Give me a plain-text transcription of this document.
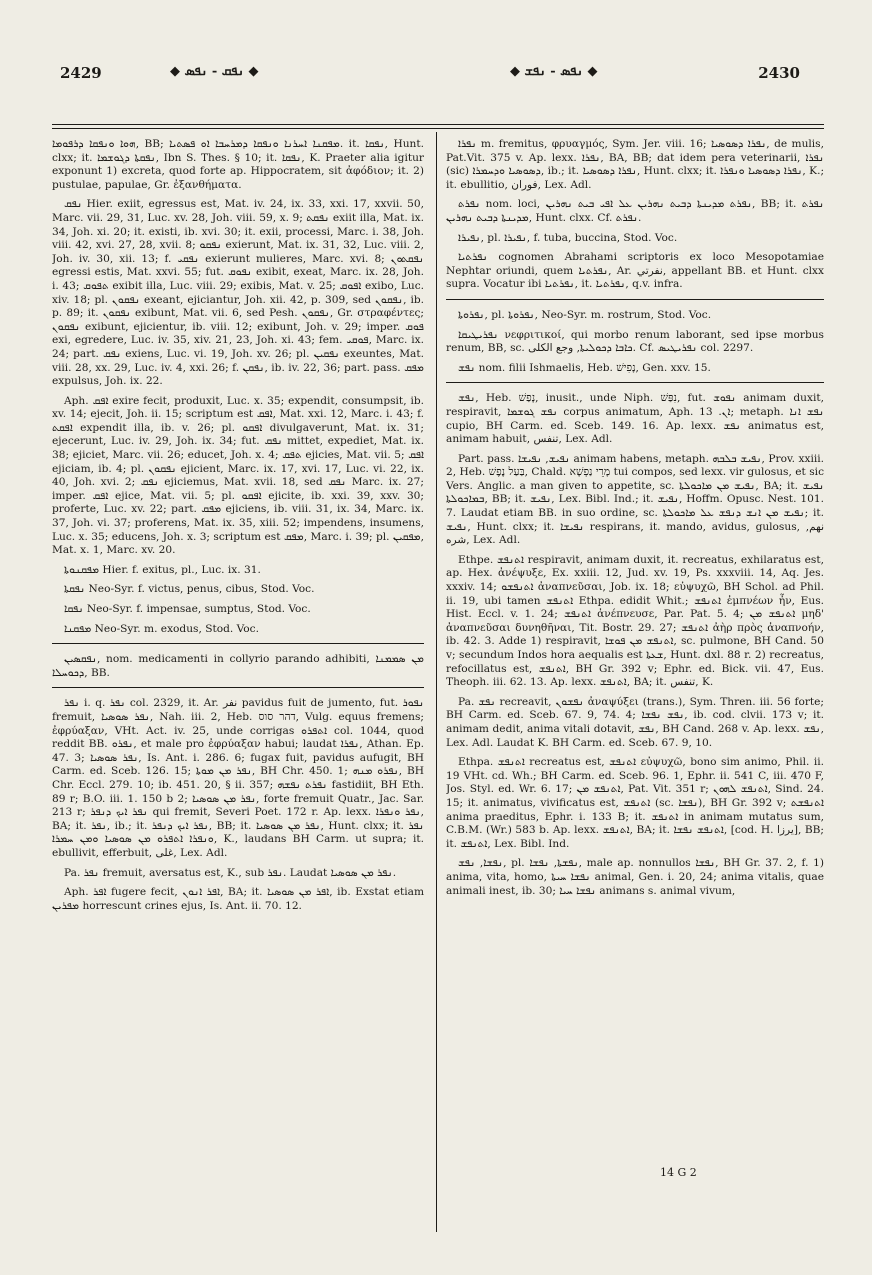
2429	◆ ܢܦܩ - ܢܦܣ ◆	◆ ܢܦܣ - ܢܦܫ ◆	2430

ܗܘܐ ܘܢܦܩܐ ܕܪܦܘܡܐ, BB; ܡܦܩܢܐ ܐܚܪܢܐ ܘܢܦܩܐ ܕܡܪܚܒܐ ܐܘ ܦܣܬܝܐ. it. ܢܦܩܐ, Hunt. clxx; it. ܢܦܩܬܐ ܕܓܘܫܡܐ, Ibn S. Thes. § 10; it. ܢܦܩܐ, K. Praeter alia igitur exponunt 1) excreta, quod forte ap. Hippocratem, sit ἀφόδιον; it. 2) pustulae, papulae, Gr. ἐξανθήματα.

ܢܦܩ Hier. exiit, egressus est, Mat. iv. 24, ix. 33, xxi. 17, xxvii. 50, Marc. vii. 29, 31, Luc. xv. 28, Joh. viii. 59, x. 9; ܢܦܩܬ exiit illa, Mat. ix. 34, Joh. xi. 20; it. existi, ib. xvi. 30; it. exii, processi, Marc. i. 38, Joh. viii. 42, xvi. 27, 28, xvii. 8; ܢܦܩܘ exierunt, Mat. ix. 31, 32, Luc. viii. 2, Joh. iv. 30, xii. 13; f. ܢܦܩܝ exierunt mulieres, Marc. xvi. 8; ܢܦܩܬܘܢ egressi estis, Mat. xxvi. 55; fut. ܢܦܘܩ exibit, exeat, Marc. ix. 28, Joh. i. 43; ܬܦܘܩ exibit illa, Luc. viii. 29; exibis, Mat. v. 25; ܐܦܘܩ exibo, Luc. xiv. 18; pl. ܢܦܩܘܢ exeant, ejiciantur, Joh. xii. 42, p. 309, sed ܢܦܩܘܢ, ib. p. 89; it. ܢܦܩܘܢ exibunt, Mat. vii. 6, sed Pesh. ܢܦܩܘܢ, Gr. στραφέντες; ܢܦܩܘܢ exibunt, ejicientur, ib. viii. 12; exibunt, Joh. v. 29; imper. ܦܘܩ exi, egredere, Luc. iv. 35, xiv. 21, 23, Joh. xi. 43; fem. ܦܘܩܝ, Marc. ix. 24; part. ܢܦܩ exiens, Luc. vi. 19, Joh. xv. 26; pl. ܢܦܩܝܢ exeuntes, Mat. viii. 28, xx. 29, Luc. iv. 4, xxi. 26; f. ܢܦܩܢ, ib. iv. 22, 36; part. pass. ܡܦܩ expulsus, Joh. ix. 22.

Aph. ܐܦܩ exire fecit, produxit, Luc. x. 35; expendit, consumpsit, ib. xv. 14; ejecit, Joh. ii. 15; scriptum est ܐܦܩ, Mat. xxi. 12, Marc. i. 43; f. ܐܦܩܬ expendit illa, ib. v. 26; pl. ܐܦܩܘ divulgaverunt, Mat. ix. 31; ejecerunt, Luc. iv. 29, Joh. ix. 34; fut. ܢܦܩ mittet, expediet, Mat. ix. 38; ejiciet, Marc. vii. 26; educet, Joh. x. 4; ܬܦܩ ejicies, Mat. vii. 5; ܐܦܩ ejiciam, ib. 4; pl. ܢܦܩܘܢ ejicient, Marc. ix. 17, xvi. 17, Luc. vi. 22, ix. 40, Joh. xvi. 2; ܢܦܩ ejiciemus, Mat. xvii. 18, sed ܢܦܩ Marc. ix. 27; imper. ܐܦܩ ejice, Mat. vii. 5; pl. ܐܦܩܘ ejicite, ib. xxi. 39, xxv. 30; proferte, Luc. xv. 22; part. ܡܦܩ ejiciens, ib. viii. 31, ix. 34, Marc. ix. 37, Joh. vi. 37; proferens, Mat. ix. 35, xiii. 52; impendens, insumens, Luc. x. 35; educens, Joh. x. 3; scriptum est ܡܦܩ, Marc. i. 39; pl. ܡܦܩܝܢ, Mat. x. 1, Marc. xv. 20.

ܡܦܩܢܘܬܐ Hier. f. exitus, pl., Luc. ix. 31.

ܢܦܩܬܐ Neo-Syr. f. victus, penus, cibus, Stod. Voc.

ܢܦܩܐ Neo-Syr. f. impensae, sumptus, Stod. Voc.

ܡܦܩܢܐ Neo-Syr. m. exodus, Stod. Voc.

ܢܦܩܣܝܢ, nom. medicamenti in collyrio parando adhibiti, ܡܢ ܣܡܡܢܐ ܕܟܘܚܠܐ, BB.

ܢܦܪ i. q. ܢܦܪ col. 2329, it. Ar. نفر pavidus fuit de jumento, fut. ܢܦܘܪ fremuit, ܢܦܪ ܣܘܣܝܐ, Nah. iii. 2, Heb. דהר סוס, Vulg. equus fremens; ἐφρύαξαν, VHt. Act. iv. 25, unde corrigas ܐܬܦܪܘ col. 1044, quod reddit BB. ܢܦܪܘ, et male pro ἐφρύαξαν habui; laudat ܢܦܪܐ, Athan. Ep. 47. 3; ܢܦܪ ܣܘܣܝܐ, Is. Ant. i. 286. 6; fugax fuit, pavidus aufugit, BH Carm. ed. Sceb. 126. 15; ܢܦܪ ܡܢ ܡܘܬܐ, BH Chr. 450. 1; ܢܦܪܘ ܡܢܗ, BH Chr. Eccl. 279. 10; ib. 451. 20, § ii. 357; ܢܦܪܬ ܢܦܫܗ fastidiit, BH Eth. 89 r; B.O. iii. 1. 150 b 2; ܢܦܪ ܡܢ ܣܘܣܝܐ, forte fremuit Quatr., Jac. Sar. 213 r; ܢܦܪ ܐܝܟ ܕܢܦܪ qui fremit, Severi Poet. 172 r. Ap. lexx. ܢܦܪ ܘܢܦܪܐ, BA; it. ܢܦܪ, ib.; it. ܢܦܪ ܐܝܟ ܕܢܦܪ, BB; it. ܢܦܪ ܡܢ ܣܘܣܝܐ, Hunt. clxx; it. ܢܦܪ ܘܢܦܪܐ ܐܬܦܪܘ ܡܢ ܣܘܣܝܐ ܘܡܢ ܚܡܪܐ, K., laudans BH Carm. ut supra; it. ebullivit, efferbuit, غلى, Lex. Adl.

Pa. ܢܦܪ fremuit, aversatus est, K., sub ܢܦܪ. Laudat ܢܦܪ ܡܢ ܣܘܣܝܐ.

Aph. ܐܦܪ fugere fecit, ܐܦܪ ܐܢܘܢ, BA; it. ܐܦܪ ܡܢ ܣܘܣܝܐ, ib. Exstat etiam ܡܦܪܝܢ horrescunt crines ejus, Is. Ant. ii. 70. 12.

ܢܦܪܐ m. fremitus, φρυαγμός, Sym. Jer. viii. 16; ܢܦܪܐ ܕܣܘܣܝܐ, de mulis, Pat.Vit. 375 v. Ap. lexx. ܢܦܪܐ, BA, BB; dat idem pera veterinarii, ܢܦܪܐ (sic) ܕܣܘܣܝܐ ܘܕܚܡܪܐ, ib.; it. ܢܦܪܐ ܕܣܘܣܝܐ, Hunt. clxx; it. ܢܦܪܐ ܕܣܘܣܝܐ ܘܢܦܪܐ, K.; it. ebullitio, فوران, Lex. Adl.

ܢܦܪܬ nom. loci, ܢܦܪܬ ܡܕܝܢܬܐ ܕܒܝܬ ܢܗܪܝܢ ܥܠ ܐܦܝ ܒܝܬ ܢܗܪܝܢ, BB; it. ܢܦܪܬ ܡܕܝܢܬܐ ܕܒܝܬ ܢܗܪܝܢ, Hunt. clxx. Cf. ܢܦܪܬ.

ܢܦܝܪܐ, pl. ܢܦܝܪܐ, f. tuba, buccina, Stod. Voc.

ܢܦܪܬܝܐ cognomen Abrahami scriptoris ex loco Mesopotamiae Nephtar oriundi, quem ܢܦܪܬܝܐ, Ar. نفرتي, appellant BB. et Hunt. clxx supra. Vocatur ibi ܢܦܪܬܝܐ, it. ܢܦܪܬܝܐ, q.v. infra.

ܢܦܪܘܬܐ, pl. ܢܦܪܘܬܐ, Neo-Syr. m. rostrum, Stod. Voc.

ܢܦܪܝܛܝܩܐ νεφριτικοί, qui morbo renum laborant, sed ipse morbus renum, BB, sc. ܟܐܒܐ ܕܟܘܠܝܬܐ, وجع الكلى. Cf. ܢܦܪܝܛܝܣ col. 2297.

ܢܦܫ nom. filii Ishmaelis, Heb. נָפִישׁ, Gen. xxv. 15.

ܢܦܫ, Heb. נָפַשׁ, inusit., unde Niph. נִפַּשׁ, fut. ܢܦܘܫ animam duxit, respiravit, ܢܦܫ ܓܘܫܡܐ corpus animatum, Aph. ܐܢ. 13; metaph. ܢܦܫ ܐܢܐ cupio, BH Carm. ed. Sceb. 149. 16. Ap. lexx. ܢܦܫ animatus est, animam habuit, تنفس, Lex. Adl.

Part. pass. ܢܦܝܫ, ܢܦܝܫܐ animam habens, metaph. ܢܦܝܫ ܒܠܒܗ, Prov. xxiii. 2, Heb. בַּעַל נֶפֶשׁ, Chald. מָרֵי נַפְשָׁא tui compos, sed lexx. vir gulosus, et sic Vers. Anglic. a man given to appetite, sc. ܢܦܝܫ ܡܢ ܡܐܟܘܠܬܐ, BA; it. ܢܦܝܫ ܒܡܐܟܘܠܬܐ, BB; it. ܢܦܝܫ, Lex. Bibl. Ind.; it. ܢܦܝܫ, Hoffm. Opusc. Nest. 101. 7. Laudat etiam BB. in suo ordine, sc. ܢܦܝܫ ܡܢ ܐܢܫ ܕܢܦܫ ܥܠ ܡܐܟܘܠܬܐ; it. ܢܦܝܫ, Hunt. clxx; it. ܢܦܝܫܐ respirans, it. mando, avidus, gulosus, نهم, شره, Lex. Adl.

Ethpe. ܐܬܢܦܫ respiravit, animam duxit, it. recreatus, exhilaratus est, ap. Hex. ἀνέψυξε, Ex. xxiii. 12, Jud. xv. 19, Ps. xxxviii. 14, Aq. Jes. xxxiv. 14; ܐܬܢܦܫܘ ἀναπνεῦσαι, Job. ix. 18; εὐψυχῶ, BH Schol. ad Phil. ii. 19, ubi tamen ܐܬܢܦܫ Ethpa. edidit Whit.; ܐܬܢܦܫ ἐμπνέων ἦν, Eus. Hist. Eccl. v. 1. 24; ܐܬܢܦܫ ἀνέπνευσε, Par. Pat. 5. 4; ܐܬܢܦܫ ܡܢ μηδ' ἀναπνεῦσαι δυνηθῆναι, Tit. Bostr. 29. 27; ܐܬܢܦܫ ἀὴρ πρὸς ἀναπνοήν, ib. 42. 3. Adde 1) respiravit, ܐܬܢܦܫ ܡܢ ܦܘܫܐ, sc. pulmone, BH Cand. 50 v; secundum Indos hora aequalis est ܫܥܬܐ, Hunt. dxl. 88 r. 2) recreatus, refocillatus est, ܐܬܢܦܫ, BH Gr. 392 v; Ephr. ed. Bick. vii. 47, Eus. Theoph. iii. 62. 13. Ap. lexx. ܐܬܢܦܫ, BA; it. تنفس, K.

Pa. ܢܦܫ recreavit, ܢܦܫܘܢ ἀναψύξει (trans.), Sym. Thren. iii. 56 forte; BH Carm. ed. Sceb. 67. 9, 74. 4; ܢܦܫ ܢܦܫܐ, ib. cod. clvii. 173 v; it. animam dedit, anima vitali dotavit, ܢܦܫ, BH Cand. 268 v. Ap. lexx. ܢܦܫ, Lex. Adl. Laudat K. BH Carm. ed. Sceb. 67. 9, 10.

Ethpa. ܐܬܢܦܫ recreatus est, ܐܬܢܦܫ εὐψυχῶ, bono sim animo, Phil. ii. 19 VHt. cd. Wh.; BH Carm. ed. Sceb. 96. 1, Ephr. ii. 541 C, iii. 470 F, Jos. Styl. ed. Wr. 6. 17; ܐܬܢܦܫ ܡܢ, Pat. Vit. 351 r; ܐܬܢܦܫ ܠܗܘܢ, Sind. 24. 15; it. animatus, vivificatus est, ܐܬܢܦܫ (sc. ܢܦܫܐ), BH Gr. 392 v; ܐܬܢܦܫܬ anima praeditus, Ephr. i. 133 B; it. ܐܬܢܦܫ in animam mutatus sum, C.B.M. (Wr.) 583 b. Ap. lexx. ܐܬܢܦܫ, BA; it. ܐܬܢܦܫ ܢܦܫܐ, [cod. H. يرزا], BB; it. ܐܬܢܦܫ, Lex. Bibl. Ind.

ܢܦܫܐ, ܢܦܫ, pl. ܢܦܫܬܐ, ܢܦܫܐ, male ap. nonnullos ܢܦܫܐ, BH Gr. 37. 2, f. 1) anima, vita, homo, ܢܦܫܐ ܚܝܬܐ animal, Gen. i. 20, 24; anima vitalis, quae animali inest, ib. 30; ܢܦܫܐ ܚܝܐ animans s. animal vivum,

14 G 2
